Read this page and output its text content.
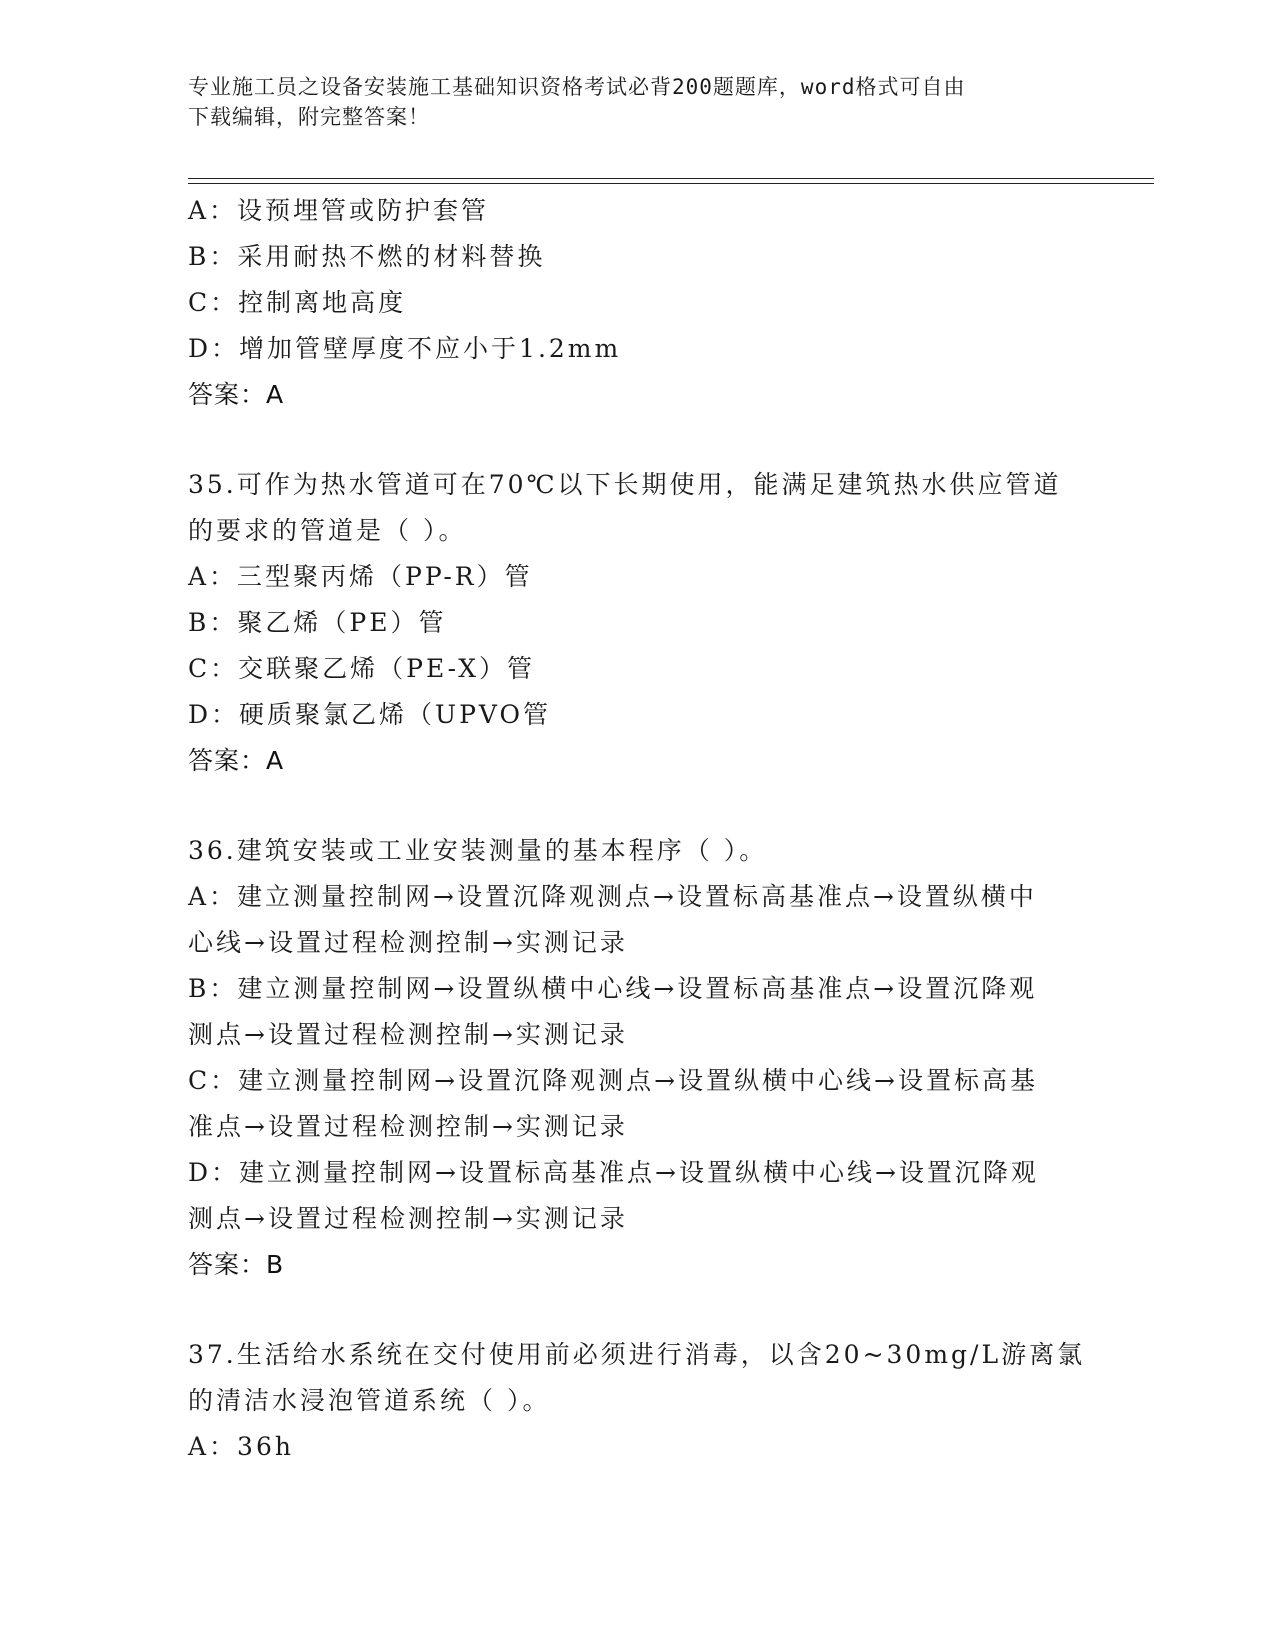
专业施工员之设备安装施工基础知识资格考试必背200题题库，word格式可自由
下载编辑，附完整答案！
A：设预埋管或防护套管
B：采用耐热不燃的材料替换
C：控制离地高度
D：增加管壁厚度不应小于1.2mm
答案：A
35.可作为热水管道可在70℃以下长期使用，能满足建筑热水供应管道
的要求的管道是（ ）。
A：三型聚丙烯（PP-R）管
B：聚乙烯（PE）管
C：交联聚乙烯（PE-X）管
D：硬质聚氯乙烯（UPVO管
答案：A
36.建筑安装或工业安装测量的基本程序（ ）。
A：建立测量控制网→设置沉降观测点→设置标高基准点→设置纵横中
心线→设置过程检测控制→实测记录
B：建立测量控制网→设置纵横中心线→设置标高基准点→设置沉降观
测点→设置过程检测控制→实测记录
C：建立测量控制网→设置沉降观测点→设置纵横中心线→设置标高基
准点→设置过程检测控制→实测记录
D：建立测量控制网→设置标高基准点→设置纵横中心线→设置沉降观
测点→设置过程检测控制→实测记录
答案：B
37.生活给水系统在交付使用前必须进行消毒，以含20~30mg/L游离氯
的清洁水浸泡管道系统（ ）。
A：36h
